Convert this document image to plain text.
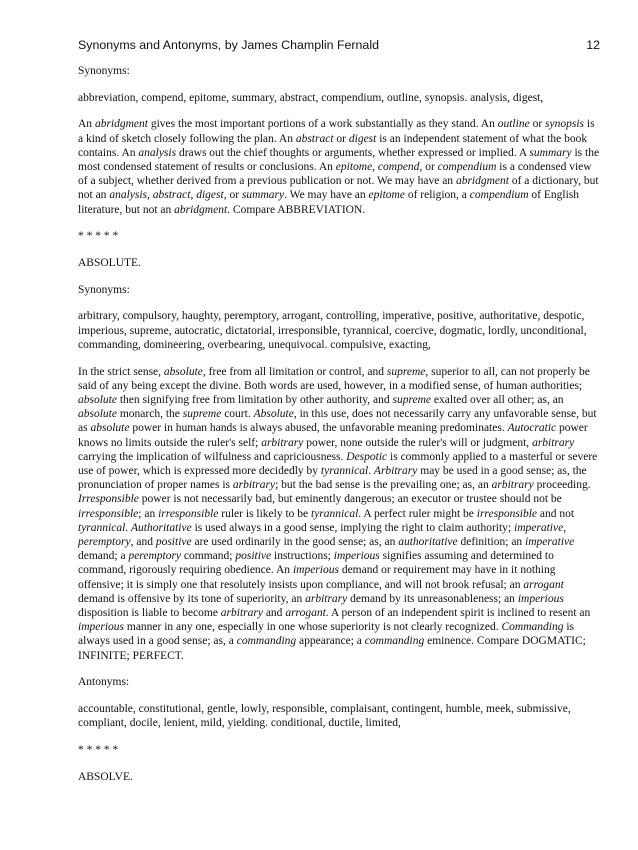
Synonyms and Antonyms, by James Champlin Fernald	12

Synonyms:

abbreviation, compend, epitome, summary, abstract, compendium, outline, synopsis. analysis, digest,

An abridgment gives the most important portions of a work substantially as they stand. An outline or synopsis is a kind of sketch closely following the plan. An abstract or digest is an independent statement of what the book contains. An analysis draws out the chief thoughts or arguments, whether expressed or implied. A summary is the most condensed statement of results or conclusions. An epitome, compend, or compendium is a condensed view of a subject, whether derived from a previous publication or not. We may have an abridgment of a dictionary, but not an analysis, abstract, digest, or summary. We may have an epitome of religion, a compendium of English literature, but not an abridgment. Compare ABBREVIATION.

* * * * *

ABSOLUTE.

Synonyms:

arbitrary, compulsory, haughty, peremptory, arrogant, controlling, imperative, positive, authoritative, despotic, imperious, supreme, autocratic, dictatorial, irresponsible, tyrannical, coercive, dogmatic, lordly, unconditional, commanding, domineering, overbearing, unequivocal. compulsive, exacting,

In the strict sense, absolute, free from all limitation or control, and supreme, superior to all, can not properly be said of any being except the divine. Both words are used, however, in a modified sense, of human authorities; absolute then signifying free from limitation by other authority, and supreme exalted over all other; as, an absolute monarch, the supreme court. Absolute, in this use, does not necessarily carry any unfavorable sense, but as absolute power in human hands is always abused, the unfavorable meaning predominates. Autocratic power knows no limits outside the ruler's self; arbitrary power, none outside the ruler's will or judgment, arbitrary carrying the implication of wilfulness and capriciousness. Despotic is commonly applied to a masterful or severe use of power, which is expressed more decidedly by tyrannical. Arbitrary may be used in a good sense; as, the pronunciation of proper names is arbitrary; but the bad sense is the prevailing one; as, an arbitrary proceeding. Irresponsible power is not necessarily bad, but eminently dangerous; an executor or trustee should not be irresponsible; an irresponsible ruler is likely to be tyrannical. A perfect ruler might be irresponsible and not tyrannical. Authoritative is used always in a good sense, implying the right to claim authority; imperative, peremptory, and positive are used ordinarily in the good sense; as, an authoritative definition; an imperative demand; a peremptory command; positive instructions; imperious signifies assuming and determined to command, rigorously requiring obedience. An imperious demand or requirement may have in it nothing offensive; it is simply one that resolutely insists upon compliance, and will not brook refusal; an arrogant demand is offensive by its tone of superiority, an arbitrary demand by its unreasonableness; an imperious disposition is liable to become arbitrary and arrogant. A person of an independent spirit is inclined to resent an imperious manner in any one, especially in one whose superiority is not clearly recognized. Commanding is always used in a good sense; as, a commanding appearance; a commanding eminence. Compare DOGMATIC; INFINITE; PERFECT.

Antonyms:

accountable, constitutional, gentle, lowly, responsible, complaisant, contingent, humble, meek, submissive, compliant, docile, lenient, mild, yielding. conditional, ductile, limited,

* * * * *

ABSOLVE.
